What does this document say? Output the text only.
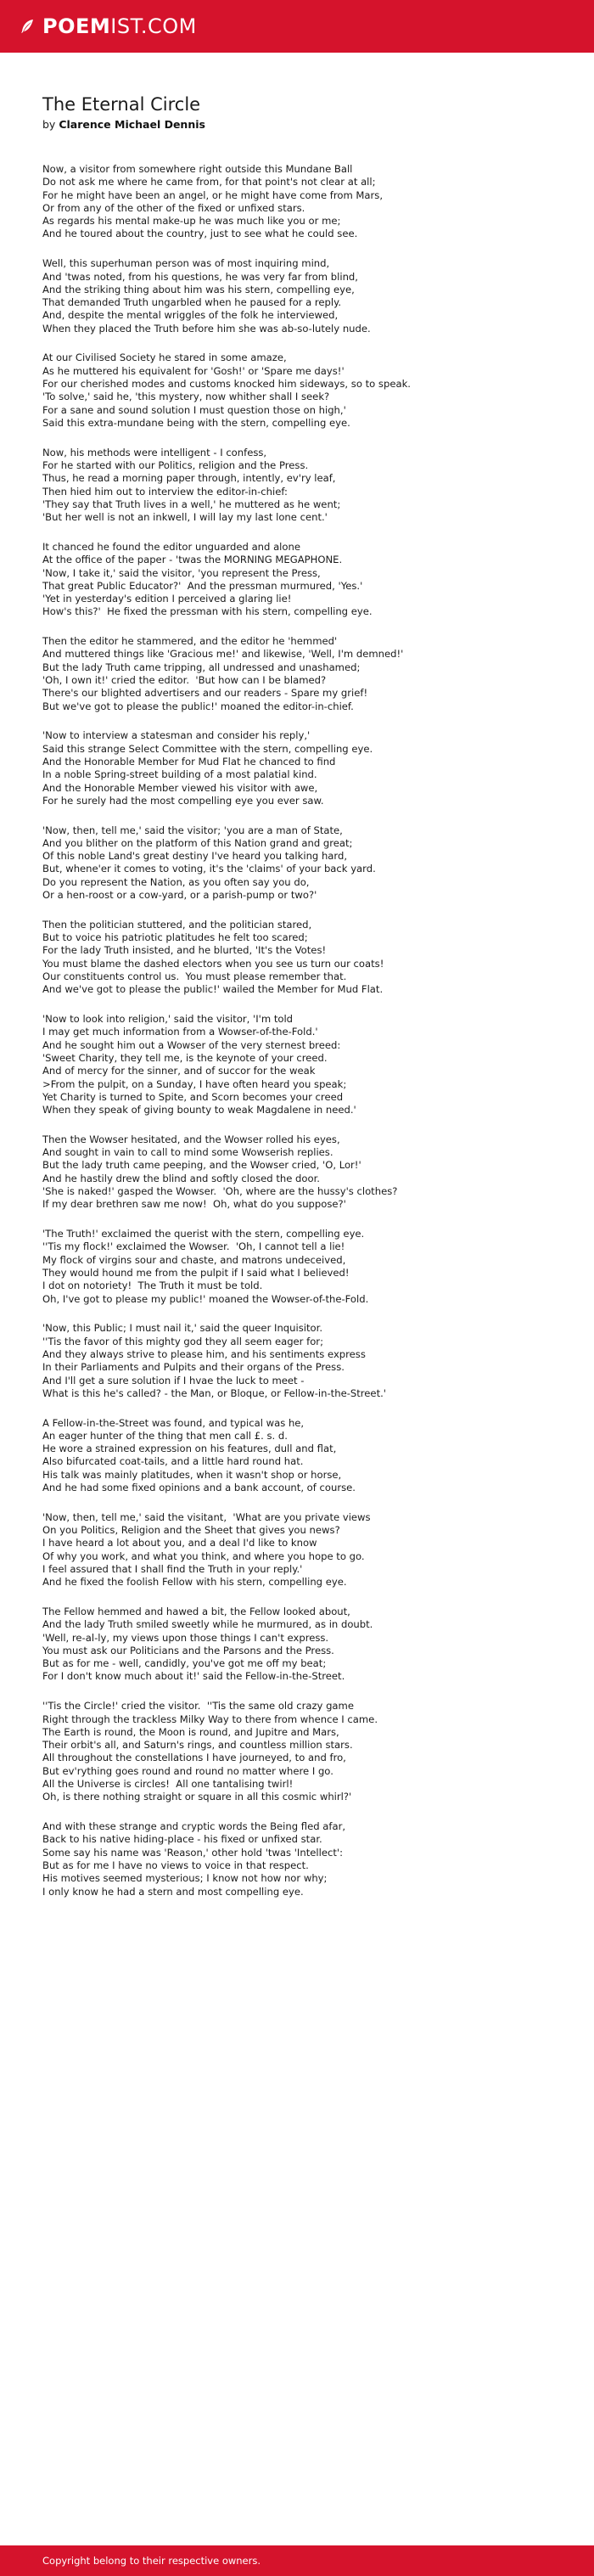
POEM IST.COM
The Eternal Circle
by Clarence Michael Dennis
Now, a visitor from somewhere right outside this Mundane Ball
Do not ask me where he came from, for that point's not clear at all;
For he might have been an angel, or he might have come from Mars,
Or from any of the other of the fixed or unfixed stars.
As regards his mental make-up he was much like you or me;
And he toured about the country, just to see what he could see.
Well, this superhuman person was of most inquiring mind,
And 'twas noted, from his questions, he was very far from blind,
And the striking thing about him was his stern, compelling eye,
That demanded Truth ungarbled when he paused for a reply.
And, despite the mental wriggles of the folk he interviewed,
When they placed the Truth before him she was ab-so-lutely nude.
At our Civilised Society he stared in some amaze,
As he muttered his equivalent for 'Gosh!' or 'Spare me days!'
For our cherished modes and customs knocked him sideways, so to speak.
'To solve,' said he, 'this mystery, now whither shall I seek?
For a sane and sound solution I must question those on high,'
Said this extra-mundane being with the stern, compelling eye.
Now, his methods were intelligent - I confess,
For he started with our Politics, religion and the Press.
Thus, he read a morning paper through, intently, ev'ry leaf,
Then hied him out to interview the editor-in-chief:
'They say that Truth lives in a well,' he muttered as he went;
'But her well is not an inkwell, I will lay my last lone cent.'
It chanced he found the editor unguarded and alone
At the office of the paper - 'twas the MORNING MEGAPHONE.
'Now, I take it,' said the visitor, 'you represent the Press,
That great Public Educator?'  And the pressman murmured, 'Yes.'
'Yet in yesterday's edition I perceived a glaring lie!
How's this?'  He fixed the pressman with his stern, compelling eye.
Then the editor he stammered, and the editor he 'hemmed'
And muttered things like 'Gracious me!' and likewise, 'Well, I'm demned!'
But the lady Truth came tripping, all undressed and unashamed;
'Oh, I own it!' cried the editor.  'But how can I be blamed?
There's our blighted advertisers and our readers - Spare my grief!
But we've got to please the public!' moaned the editor-in-chief.
'Now to interview a statesman and consider his reply,'
Said this strange Select Committee with the stern, compelling eye.
And the Honorable Member for Mud Flat he chanced to find
In a noble Spring-street building of a most palatial kind.
And the Honorable Member viewed his visitor with awe,
For he surely had the most compelling eye you ever saw.
'Now, then, tell me,' said the visitor; 'you are a man of State,
And you blither on the platform of this Nation grand and great;
Of this noble Land's great destiny I've heard you talking hard,
But, whene'er it comes to voting, it's the 'claims' of your back yard.
Do you represent the Nation, as you often say you do,
Or a hen-roost or a cow-yard, or a parish-pump or two?'
Then the politician stuttered, and the politician stared,
But to voice his patriotic platitudes he felt too scared;
For the lady Truth insisted, and he blurted, 'It's the Votes!
You must blame the dashed electors when you see us turn our coats!
Our constituents control us.  You must please remember that.
And we've got to please the public!' wailed the Member for Mud Flat.
'Now to look into religion,' said the visitor, 'I'm told
I may get much information from a Wowser-of-the-Fold.'
And he sought him out a Wowser of the very sternest breed:
'Sweet Charity, they tell me, is the keynote of your creed.
And of mercy for the sinner, and of succor for the weak
>From the pulpit, on a Sunday, I have often heard you speak;
Yet Charity is turned to Spite, and Scorn becomes your creed
When they speak of giving bounty to weak Magdalene in need.'
Then the Wowser hesitated, and the Wowser rolled his eyes,
And sought in vain to call to mind some Wowserish replies.
But the lady truth came peeping, and the Wowser cried, 'O, Lor!'
And he hastily drew the blind and softly closed the door.
'She is naked!' gasped the Wowser.  'Oh, where are the hussy's clothes?
If my dear brethren saw me now!  Oh, what do you suppose?'
'The Truth!' exclaimed the querist with the stern, compelling eye.
''Tis my flock!' exclaimed the Wowser.  'Oh, I cannot tell a lie!
My flock of virgins sour and chaste, and matrons undeceived,
They would hound me from the pulpit if I said what I believed!
I dot on notoriety!  The Truth it must be told.
Oh, I've got to please my public!' moaned the Wowser-of-the-Fold.
'Now, this Public; I must nail it,' said the queer Inquisitor.
''Tis the favor of this mighty god they all seem eager for;
And they always strive to please him, and his sentiments express
In their Parliaments and Pulpits and their organs of the Press.
And I'll get a sure solution if I hvae the luck to meet -
What is this he's called? - the Man, or Bloque, or Fellow-in-the-Street.'
A Fellow-in-the-Street was found, and typical was he,
An eager hunter of the thing that men call £. s. d.
He wore a strained expression on his features, dull and flat,
Also bifurcated coat-tails, and a little hard round hat.
His talk was mainly platitudes, when it wasn't shop or horse,
And he had some fixed opinions and a bank account, of course.
'Now, then, tell me,' said the visitant,  'What are you private views
On you Politics, Religion and the Sheet that gives you news?
I have heard a lot about you, and a deal I'd like to know
Of why you work, and what you think, and where you hope to go.
I feel assured that I shall find the Truth in your reply.'
And he fixed the foolish Fellow with his stern, compelling eye.
The Fellow hemmed and hawed a bit, the Fellow looked about,
And the lady Truth smiled sweetly while he murmured, as in doubt.
'Well, re-al-ly, my views upon those things I can't express.
You must ask our Politicians and the Parsons and the Press.
But as for me - well, candidly, you've got me off my beat;
For I don't know much about it!' said the Fellow-in-the-Street.
''Tis the Circle!' cried the visitor.  ''Tis the same old crazy game
Right through the trackless Milky Way to there from whence I came.
The Earth is round, the Moon is round, and Jupitre and Mars,
Their orbit's all, and Saturn's rings, and countless million stars.
All throughout the constellations I have journeyed, to and fro,
But ev'rything goes round and round no matter where I go.
All the Universe is circles!  All one tantalising twirl!
Oh, is there nothing straight or square in all this cosmic whirl?'
And with these strange and cryptic words the Being fled afar,
Back to his native hiding-place - his fixed or unfixed star.
Some say his name was 'Reason,' other hold 'twas 'Intellect':
But as for me I have no views to voice in that respect.
His motives seemed mysterious; I know not how nor why;
I only know he had a stern and most compelling eye.
Copyright belong to their respective owners.
